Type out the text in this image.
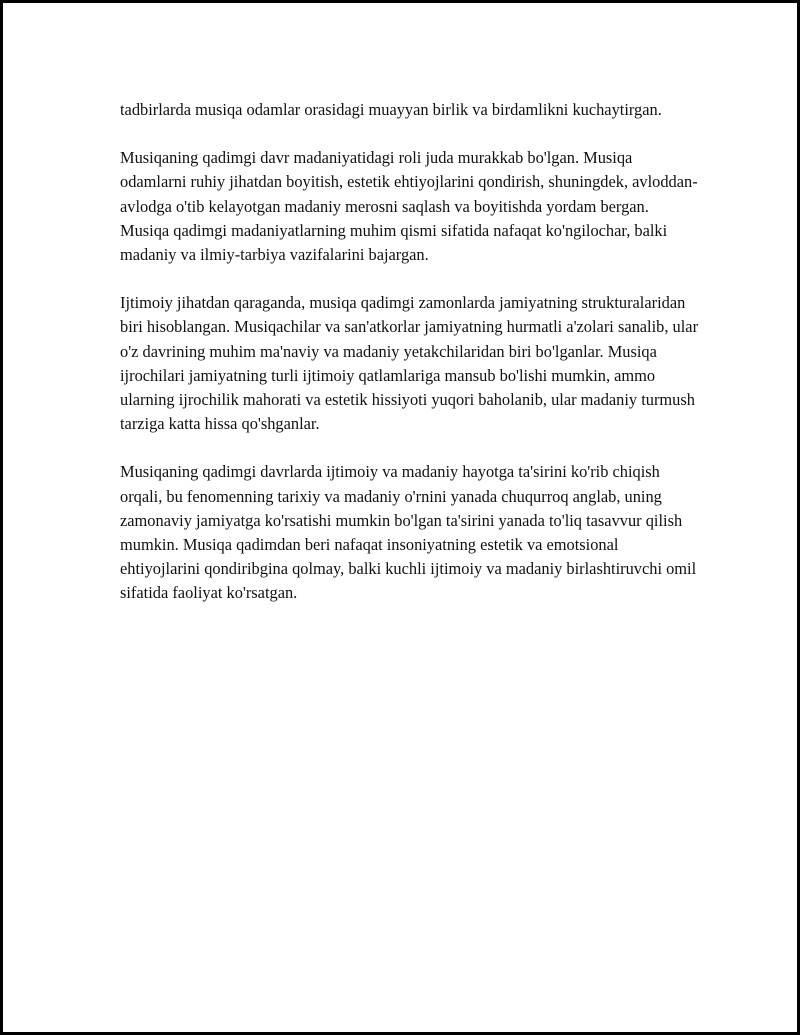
tadbirlarda musiqa odamlar orasidagi muayyan birlik va birdamlikni kuchaytirgan.

Musiqaning qadimgi davr madaniyatidagi roli juda murakkab bo'lgan. Musiqa odamlarni ruhiy jihatdan boyitish, estetik ehtiyojlarini qondirish, shuningdek, avloddan-avlodga o'tib kelayotgan madaniy merosni saqlash va boyitishda yordam bergan. Musiqa qadimgi madaniyatlarning muhim qismi sifatida nafaqat ko'ngilochar, balki madaniy va ilmiy-tarbiya vazifalarini bajargan.

Ijtimoiy jihatdan qaraganda, musiqa qadimgi zamonlarda jamiyatning strukturalaridan biri hisoblangan. Musiqachilar va san'atkorlar jamiyatning hurmatli a'zolari sanalib, ular o'z davrining muhim ma'naviy va madaniy yetakchilaridan biri bo'lganlar. Musiqa ijrochilari jamiyatning turli ijtimoiy qatlamlariga mansub bo'lishi mumkin, ammo ularning ijrochilik mahorati va estetik hissiyoti yuqori baholanib, ular madaniy turmush tarziga katta hissa qo'shganlar.

Musiqaning qadimgi davrlarda ijtimoiy va madaniy hayotga ta'sirini ko'rib chiqish orqali, bu fenomenning tarixiy va madaniy o'rnini yanada chuqurroq anglab, uning zamonaviy jamiyatga ko'rsatishi mumkin bo'lgan ta'sirini yanada to'liq tasavvur qilish mumkin. Musiqa qadimdan beri nafaqat insoniyatning estetik va emotsional ehtiyojlarini qondiribgina qolmay, balki kuchli ijtimoiy va madaniy birlashtiruvchi omil sifatida faoliyat ko'rsatgan.
